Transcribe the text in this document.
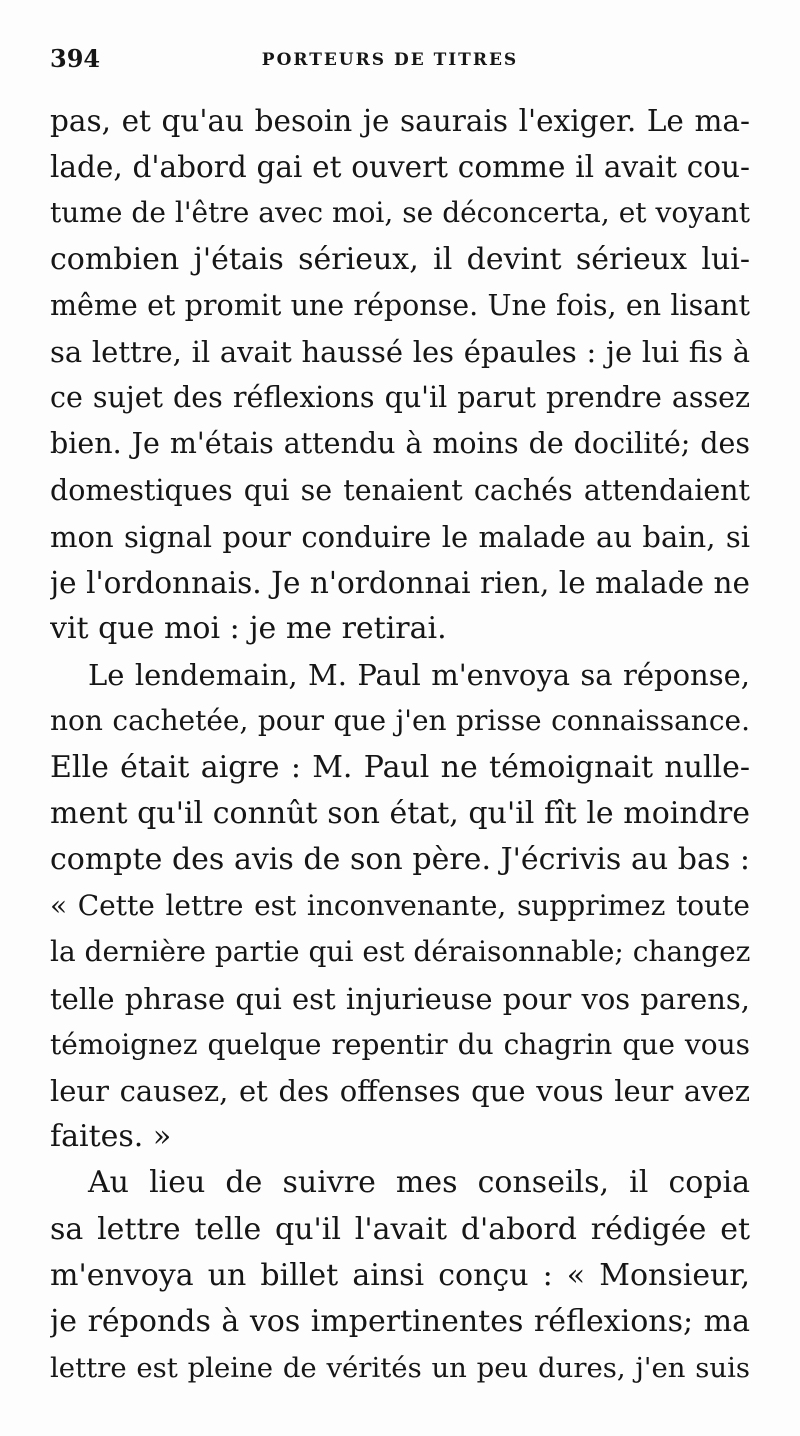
394	PORTEURS DE TITRES
pas, et qu'au besoin je saurais l'exiger. Le ma-
lade, d'abord gai et ouvert comme il avait cou-
tume de l'être avec moi, se déconcerta, et voyant
combien j'étais sérieux, il devint sérieux lui-
même et promit une réponse. Une fois, en lisant
sa lettre, il avait haussé les épaules : je lui fis à
ce sujet des réflexions qu'il parut prendre assez
bien. Je m'étais attendu à moins de docilité; des
domestiques qui se tenaient cachés attendaient
mon signal pour conduire le malade au bain, si
je l'ordonnais. Je n'ordonnai rien, le malade ne
vit que moi : je me retirai.
Le lendemain, M. Paul m'envoya sa réponse,
non cachetée, pour que j'en prisse connaissance.
Elle était aigre : M. Paul ne témoignait nulle-
ment qu'il connût son état, qu'il fît le moindre
compte des avis de son père. J'écrivis au bas :
« Cette lettre est inconvenante, supprimez toute
la dernière partie qui est déraisonnable; changez
telle phrase qui est injurieuse pour vos parens,
témoignez quelque repentir du chagrin que vous
leur causez, et des offenses que vous leur avez
faites. »
Au lieu de suivre mes conseils, il copia
sa lettre telle qu'il l'avait d'abord rédigée et
m'envoya un billet ainsi conçu : « Monsieur,
je réponds à vos impertinentes réflexions; ma
lettre est pleine de vérités un peu dures, j'en suis
